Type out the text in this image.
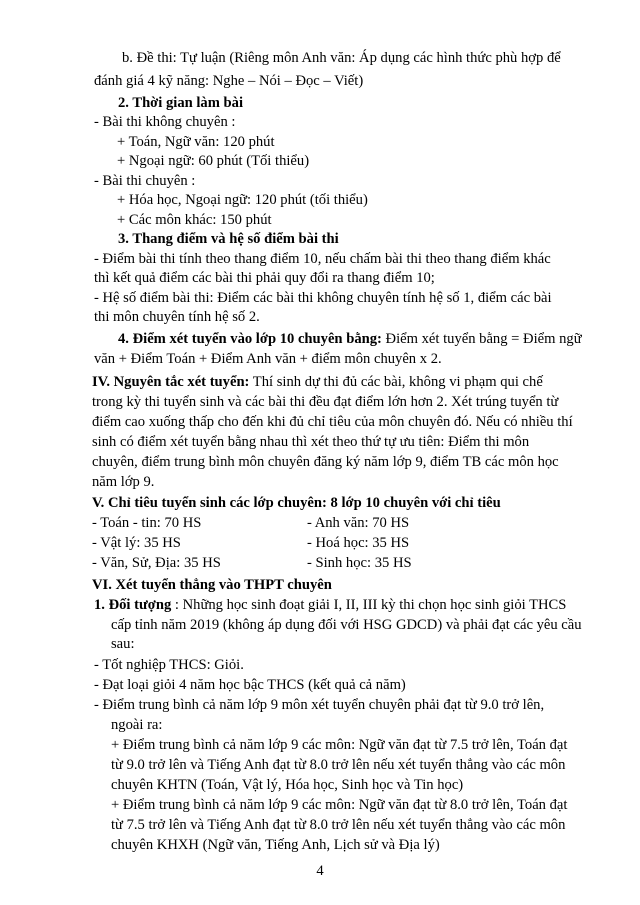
b. Đề thi: Tự luận (Riêng môn Anh văn: Áp dụng các hình thức phù hợp để
đánh giá 4 kỹ năng: Nghe – Nói – Đọc – Viết)
2. Thời gian làm bài
- Bài thi không chuyên :
+ Toán, Ngữ văn: 120 phút
+ Ngoại ngữ: 60 phút (Tối thiểu)
- Bài thi chuyên :
+ Hóa học, Ngoại ngữ: 120 phút (tối thiểu)
+ Các môn khác: 150 phút
3. Thang điểm và hệ số điểm bài thi
- Điểm bài thi tính theo thang điểm 10, nếu chấm bài thi theo thang điểm khác
thì kết quả điểm các bài thi phải quy đổi ra thang điểm 10;
- Hệ số điểm bài thi: Điểm các bài thi không chuyên tính hệ số 1, điểm các bài
thi môn chuyên tính hệ số 2.
4. Điểm xét tuyển vào lớp 10 chuyên bằng: Điểm xét tuyển bằng = Điểm ngữ
văn + Điểm Toán + Điểm Anh văn + điểm môn chuyên x 2.
IV. Nguyên tắc xét tuyển: Thí sinh dự thi đủ các bài, không vi phạm qui chế
trong kỳ thi tuyển sinh và các bài thi đều đạt điểm lớn hơn 2. Xét trúng tuyển từ
điểm cao xuống thấp cho đến khi đủ chỉ tiêu của môn chuyên đó. Nếu có nhiều thí
sinh có điểm xét tuyển bằng nhau thì xét theo thứ tự ưu tiên: Điểm thi môn
chuyên, điểm trung bình môn chuyên đăng ký năm lớp 9, điểm TB các môn học
năm lớp 9.
V. Chỉ tiêu tuyển sinh các lớp chuyên: 8 lớp 10 chuyên với chỉ tiêu
- Toán - tin: 70 HS	- Anh văn: 70 HS
- Vật lý: 35 HS	- Hoá học: 35 HS
- Văn, Sử, Địa: 35 HS	- Sinh học: 35 HS
VI. Xét tuyển thẳng vào THPT chuyên
1. Đối tượng : Những học sinh đoạt giải I, II, III kỳ thi chọn học sinh giỏi THCS
cấp tỉnh năm 2019 (không áp dụng đối với HSG GDCD) và phải đạt các yêu cầu
sau:
- Tốt nghiệp THCS: Giỏi.
- Đạt loại giỏi 4 năm học bậc THCS (kết quả cả năm)
- Điểm trung bình cả năm lớp 9 môn xét tuyển chuyên phải đạt từ 9.0 trở lên,
ngoài ra:
+ Điểm trung bình cả năm lớp 9 các môn: Ngữ văn đạt từ 7.5 trở lên, Toán đạt
từ 9.0 trở lên và Tiếng Anh đạt từ 8.0 trở lên nếu xét tuyển thẳng vào các môn
chuyên KHTN (Toán, Vật lý, Hóa học, Sinh học và Tin học)
+ Điểm trung bình cả năm lớp 9 các môn: Ngữ văn đạt từ 8.0 trở lên, Toán đạt
từ 7.5 trở lên và Tiếng Anh đạt từ 8.0 trở lên nếu xét tuyển thẳng vào các môn
chuyên KHXH (Ngữ văn, Tiếng Anh, Lịch sử và Địa lý)
4
